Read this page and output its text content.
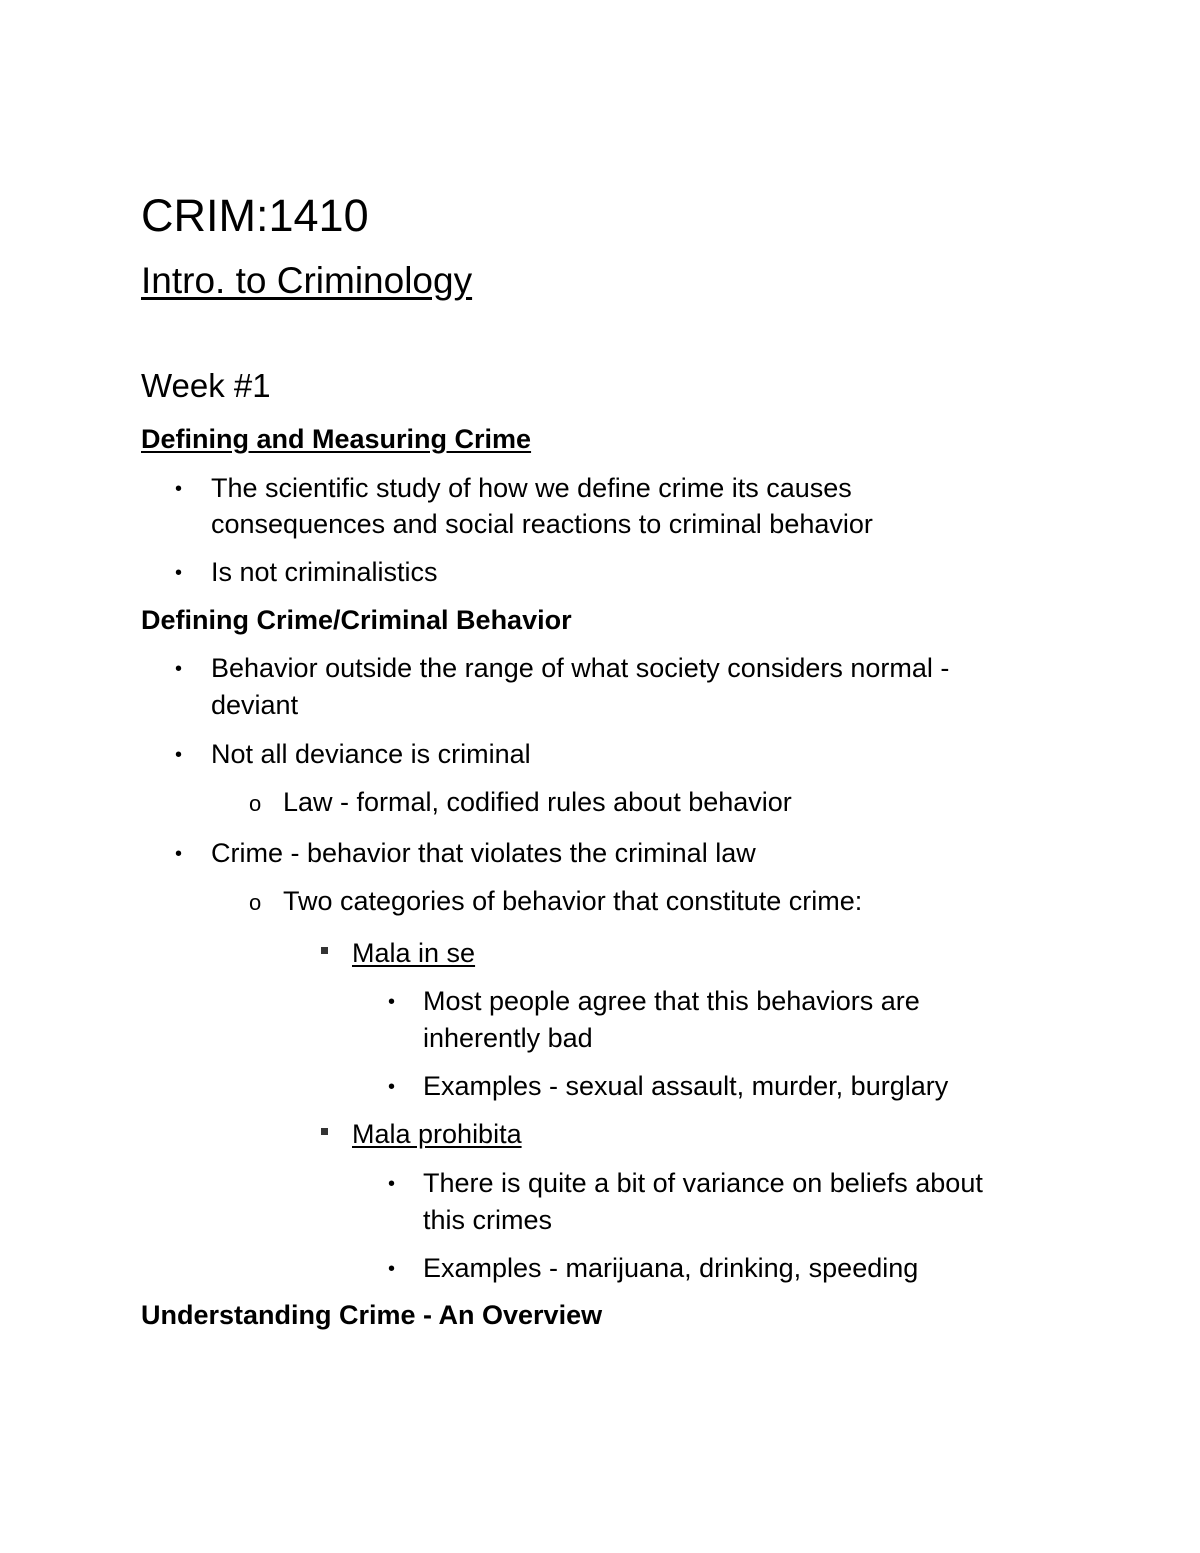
CRIM:1410
Intro. to Criminology
Week #1
Defining and Measuring Crime
• The scientific study of how we define crime its causes
consequences and social reactions to criminal behavior
• Is not criminalistics
Defining Crime/Criminal Behavior
• Behavior outside the range of what society considers normal -
deviant
• Not all deviance is criminal
o Law - formal, codified rules about behavior
• Crime - behavior that violates the criminal law
o Two categories of behavior that constitute crime:
Mala in se
• Most people agree that this behaviors are
inherently bad
• Examples - sexual assault, murder, burglary
Mala prohibita
• There is quite a bit of variance on beliefs about
this crimes
• Examples - marijuana, drinking, speeding
Understanding Crime - An Overview
